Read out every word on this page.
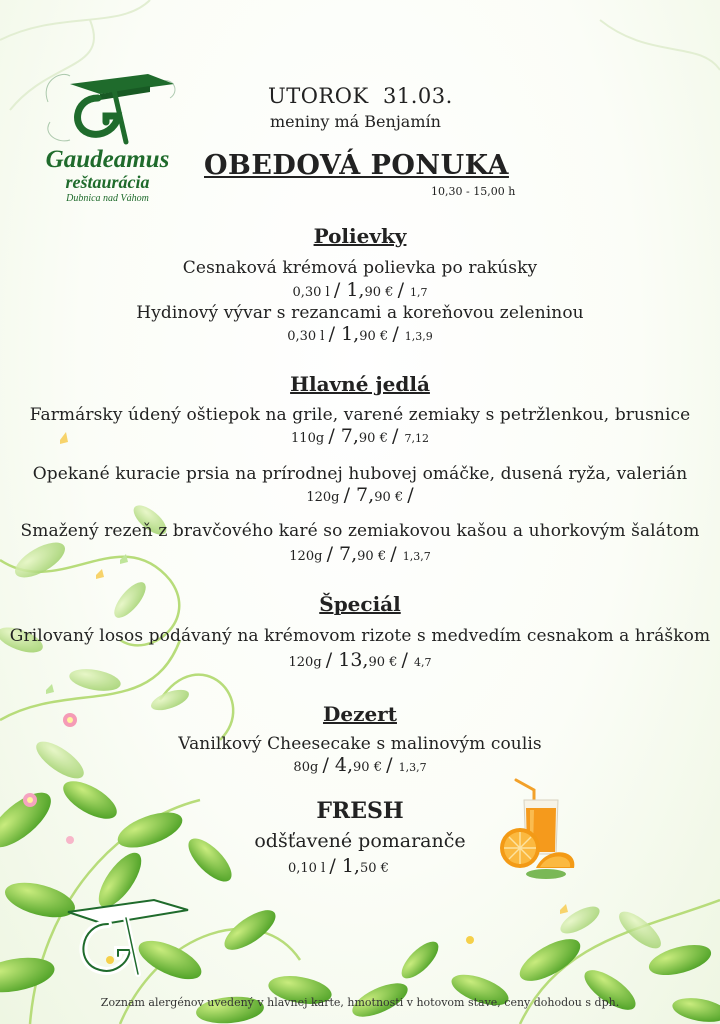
Gaudeamus
reštaurácia
Dubnica nad Váhom
UTOROK  31.03.
meniny má Benjamín
OBEDOVÁ PONUKA
10,30 - 15,00 h
Polievky
Cesnaková krémová polievka po rakúsky
0,30 l / 1,90 € / 1,7
Hydinový vývar s rezancami a koreňovou zeleninou
0,30 l / 1,90 € / 1,3,9
Hlavné jedlá
Farmársky údený oštiepok na grile, varené zemiaky s petržlenkou, brusnice
110g / 7,90 € / 7,12
Opekané kuracie prsia na prírodnej hubovej omáčke, dusená ryža, valerián
120g / 7,90 € /
Smažený rezeň z bravčového karé so zemiakovou kašou a uhorkovým šalátom
120g / 7,90 € / 1,3,7
Špeciál
Grilovaný losos podávaný na krémovom rizote s medvedím cesnakom a hráškom
120g / 13,90 € / 4,7
Dezert
Vanilkový Cheesecake s malinovým coulis
80g / 4,90 € / 1,3,7
FRESH
odšťavené pomaranče
0,10 l / 1,50 €
Zoznam alergénov uvedený v hlavnej karte, hmotnosti v hotovom stave, ceny dohodou s dph.
